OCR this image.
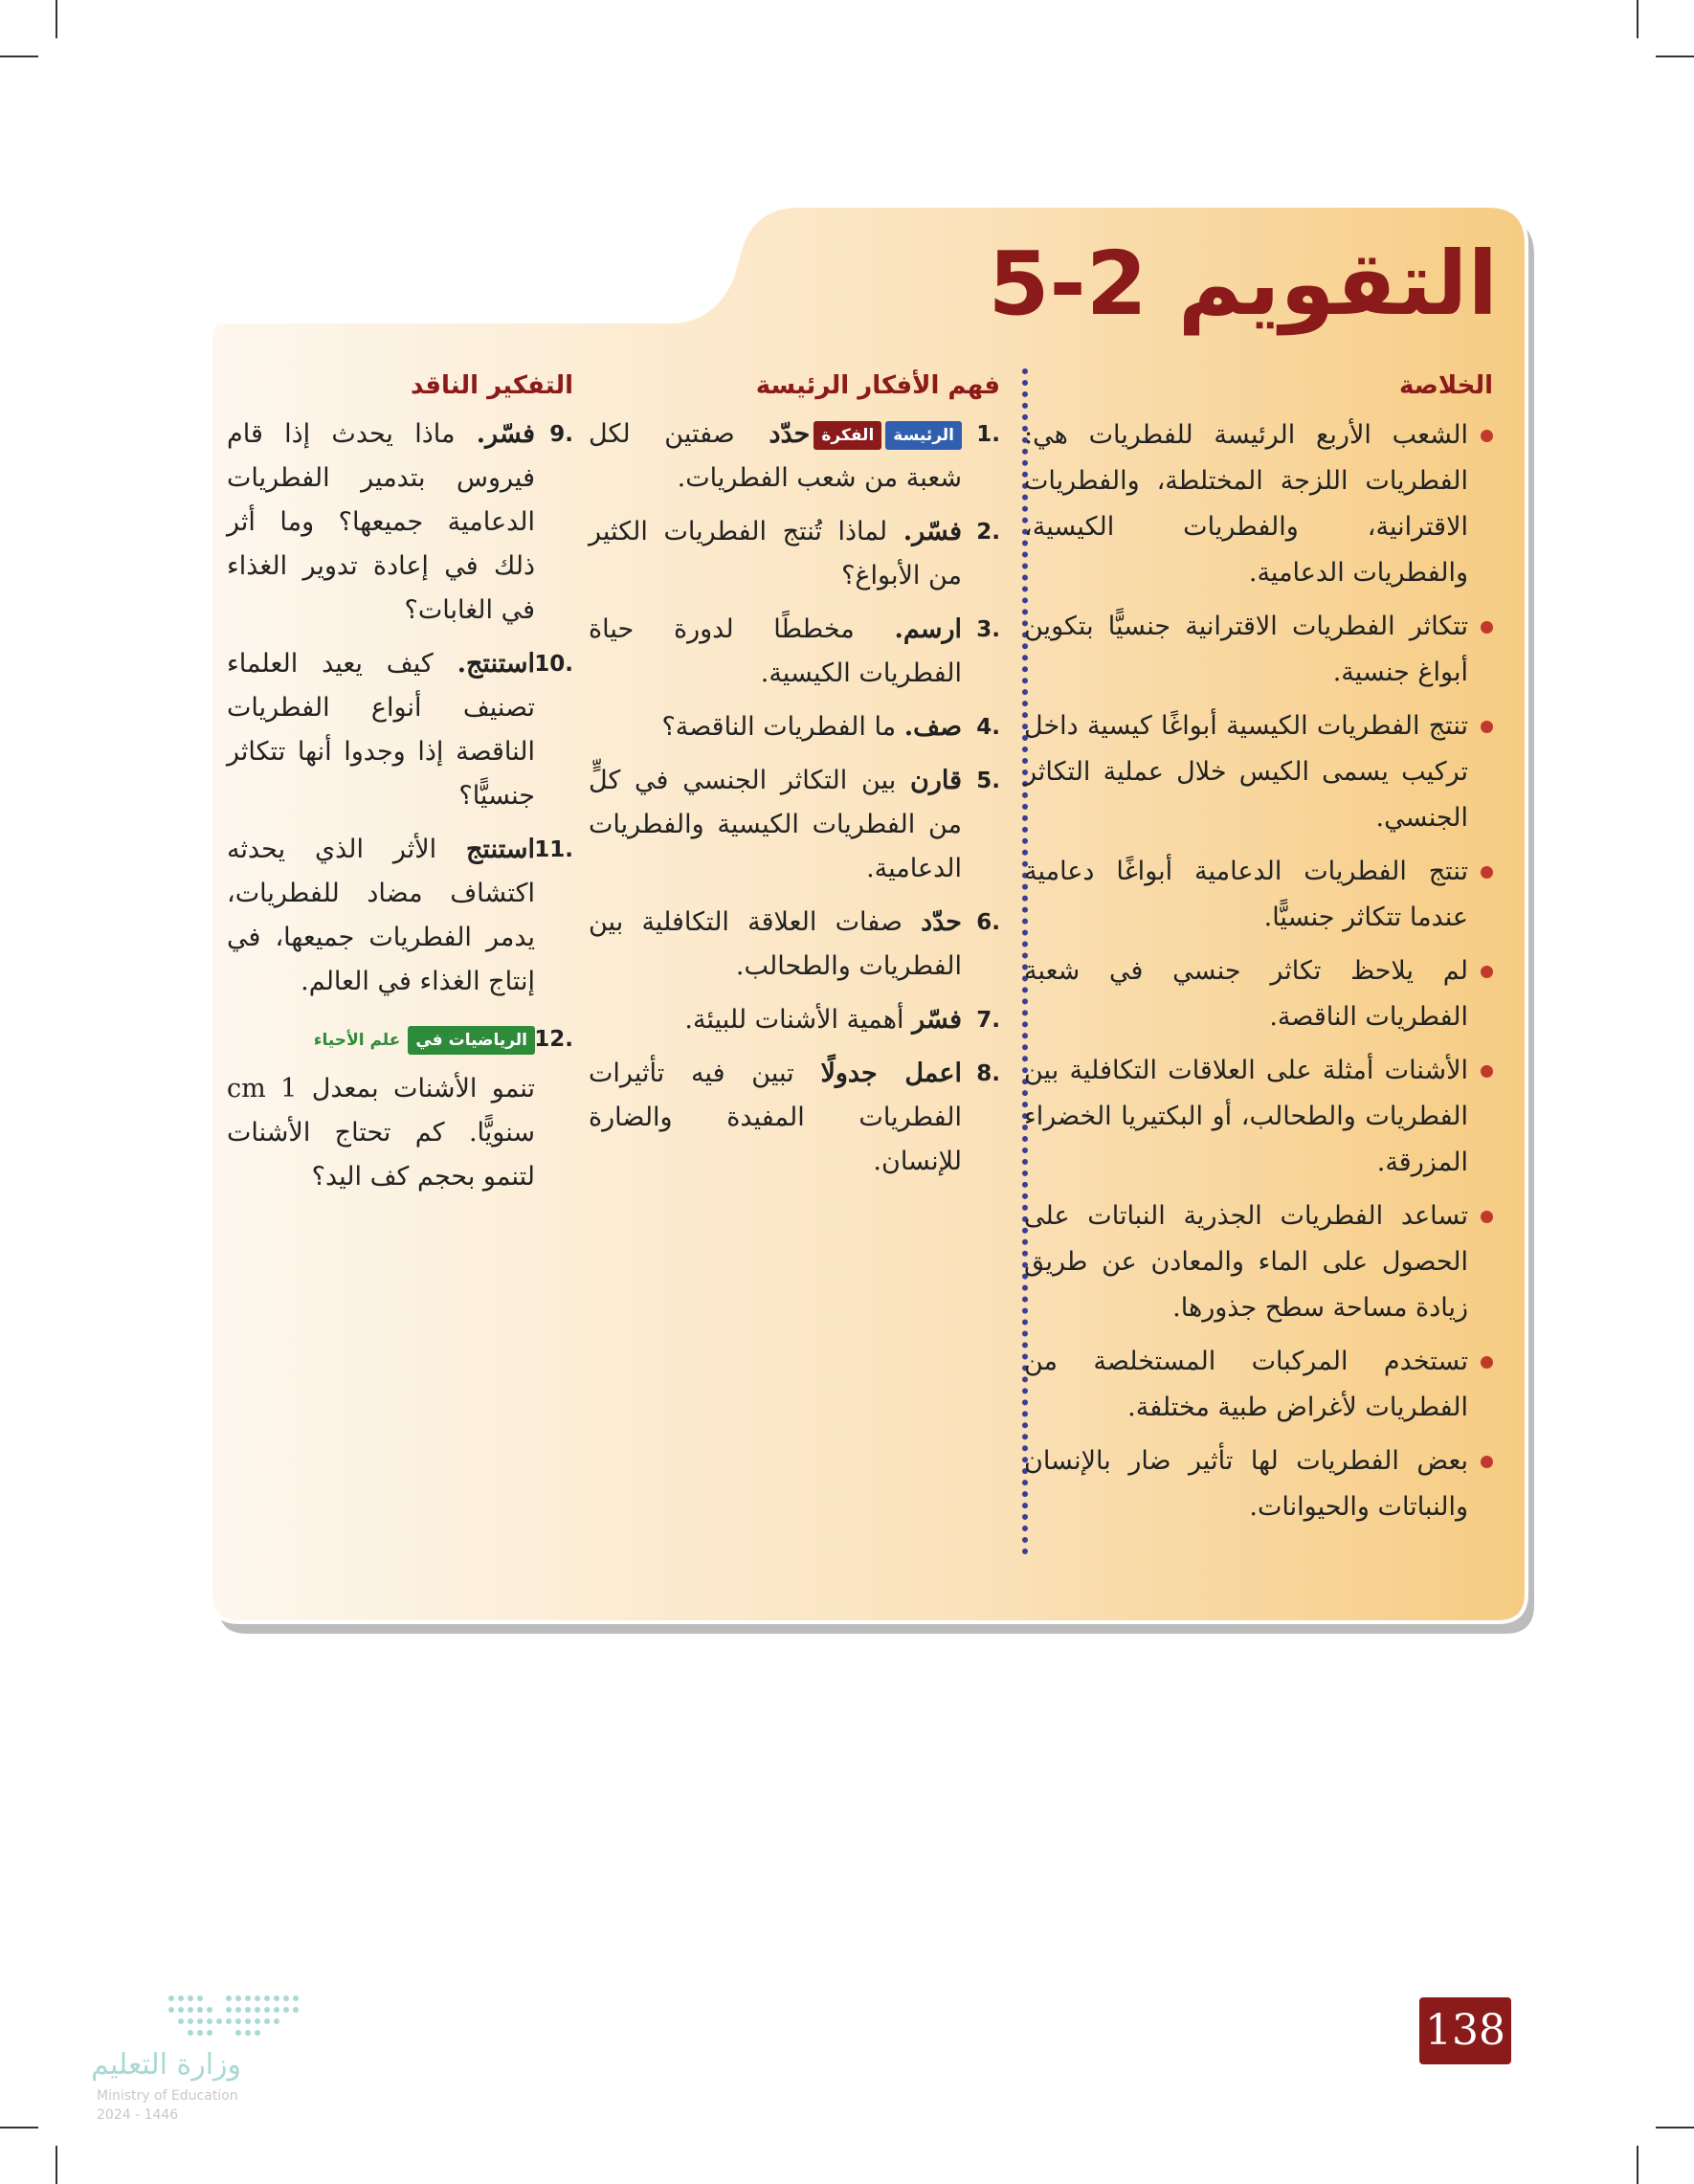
التقويم 2-5
الخلاصة
الشعب الأربع الرئيسة للفطريات هي: الفطريات اللزجة المختلطة، والفطريات الاقترانية، والفطريات الكيسية، والفطريات الدعامية.
تتكاثر الفطريات الاقترانية جنسيًّا بتكوين أبواغ جنسية.
تنتج الفطريات الكيسية أبواغًا كيسية داخل تركيب يسمى الكيس خلال عملية التكاثر الجنسي.
تنتج الفطريات الدعامية أبواغًا دعامية عندما تتكاثر جنسيًّا.
لم يلاحظ تكاثر جنسي في شعبة الفطريات الناقصة.
الأشنات أمثلة على العلاقات التكافلية بين الفطريات والطحالب، أو البكتيريا الخضراء المزرقة.
تساعد الفطريات الجذرية النباتات على الحصول على الماء والمعادن عن طريق زيادة مساحة سطح جذورها.
تستخدم المركبات المستخلصة من الفطريات لأغراض طبية مختلفة.
بعض الفطريات لها تأثير ضار بالإنسان والنباتات والحيوانات.
فهم الأفكار الرئيسة
1.
الرئيسةالفكرةحدّد صفتين لكل شعبة من شعب الفطريات.
2.
فسّر. لماذا تُنتج الفطريات الكثير من الأبواغ؟
3.
ارسم. مخططًا لدورة حياة الفطريات الكيسية.
4.
صف. ما الفطريات الناقصة؟
5.
قارن بين التكاثر الجنسي في كلٍّ من الفطريات الكيسية والفطريات الدعامية.
6.
حدّد صفات العلاقة التكافلية بين الفطريات والطحالب.
7.
فسّر أهمية الأشنات للبيئة.
8.
اعمل جدولًا تبين فيه تأثيرات الفطريات المفيدة والضارة للإنسان.
التفكير الناقد
9.
فسّر. ماذا يحدث إذا قام فيروس بتدمير الفطريات الدعامية جميعها؟ وما أثر ذلك في إعادة تدوير الغذاء في الغابات؟
10.
استنتج. كيف يعيد العلماء تصنيف أنواع الفطريات الناقصة إذا وجدوا أنها تتكاثر جنسيًّا؟
11.
استنتج الأثر الذي يحدثه اكتشاف مضاد للفطريات، يدمر الفطريات جميعها، في إنتاج الغذاء في العالم.
12.
الرياضيات فيعلم الأحياء
تنمو الأشنات بمعدل 1 cm سنويًّا. كم تحتاج الأشنات لتنمو بحجم كف اليد؟
138
وزارة التعليم
Ministry of Education
2024 - 1446
